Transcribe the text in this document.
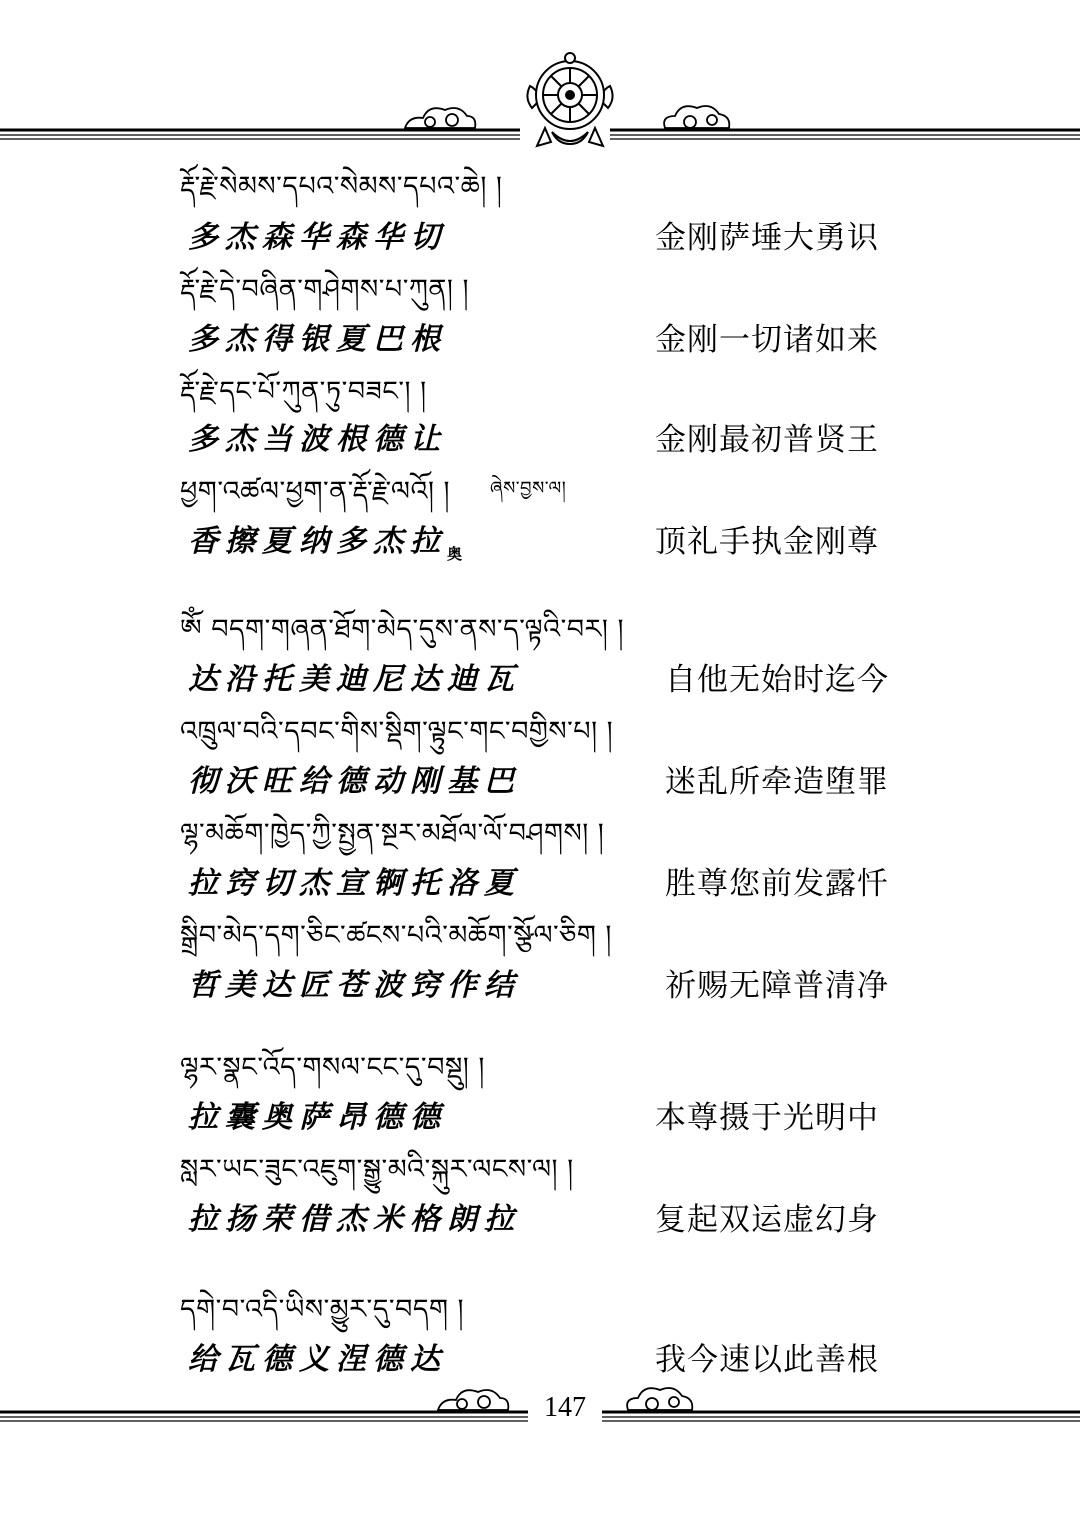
རྡོ་རྗེ་སེམས་དཔའ་སེམས་དཔའ་ཆེ། །
多杰森华森华切	金刚萨埵大勇识
རྡོ་རྗེ་དེ་བཞིན་གཤེགས་པ་ཀུན། །
多杰得银夏巴根	金刚一切诸如来
རྡོ་རྗེ་དང་པོ་ཀུན་ཏུ་བཟང་། །
多杰当波根德让	金刚最初普贤王
ཕྱག་འཚལ་ཕྱག་ན་རྡོ་རྗེ་ལའོ། ། $^{ཞེས་བྱས་ལ།}$
香擦夏纳多杰拉$_奥$	顶礼手执金刚尊
ༀ བདག་གཞན་ཐོག་མེད་དུས་ནས་ད་ལྟའི་བར། །
达沿托美迪尼达迪瓦	自他无始时迄今
འཁྲུལ་བའི་དབང་གིས་སྡིག་ལྟུང་གང་བགྱིས་པ། །
彻沃旺给德动刚基巴	迷乱所牵造堕罪
ལྷ་མཆོག་ཁྱེད་ཀྱི་སྤྱན་སྔར་མཐོལ་ལོ་བཤགས། །
拉窍切杰宣锕托洛夏	胜尊您前发露忏
སྒྲིབ་མེད་དག་ཅིང་ཚངས་པའི་མཆོག་སྩོལ་ཅིག །
哲美达匠苍波窍作结	祈赐无障普清净
ལྷར་སྣང་འོད་གསལ་ངང་དུ་བསྡུ། །
拉囊奥萨昂德德	本尊摄于光明中
སླར་ཡང་ཟུང་འཇུག་སྒྱུ་མའི་སྐུར་ལངས་ལ། །
拉扬荣借杰米格朗拉	复起双运虚幻身
དགེ་བ་འདི་ཡིས་མྱུར་དུ་བདག །
给瓦德义涅德达	我今速以此善根
147
